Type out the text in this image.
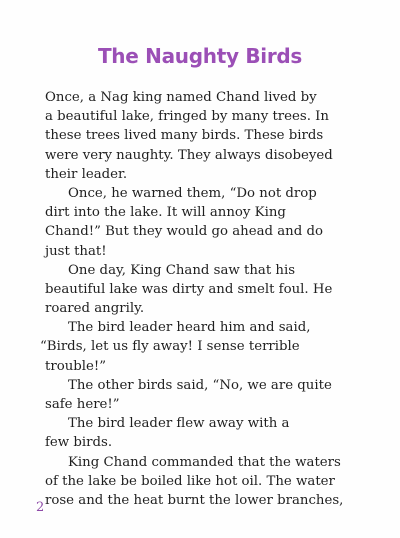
The Naughty Birds
Once, a Nag king named Chand lived by
a beautiful lake, fringed by many trees. In
these trees lived many birds. These birds
were very naughty. They always disobeyed
their leader.
Once, he warned them, “Do not drop
dirt into the lake. It will annoy King
Chand!” But they would go ahead and do
just that!
One day, King Chand saw that his
beautiful lake was dirty and smelt foul. He
roared angrily.
The bird leader heard him and said,
“Birds, let us fly away! I sense terrible
trouble!”
The other birds said, “No, we are quite
safe here!”
The bird leader flew away with a
few birds.
King Chand commanded that the waters
of the lake be boiled like hot oil. The water
rose and the heat burnt the lower branches,
2
